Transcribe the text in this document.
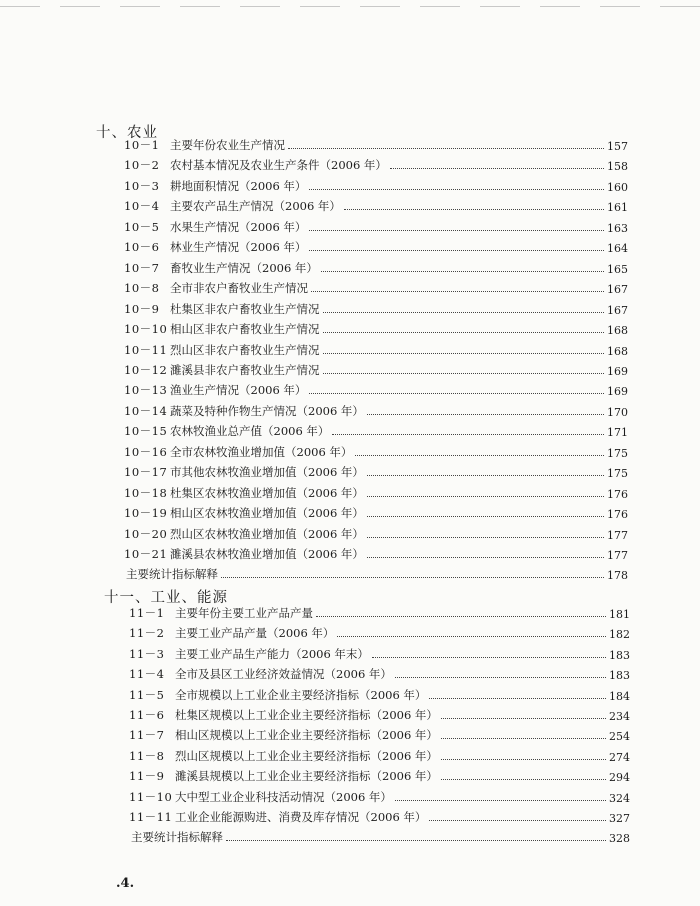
十、农业
10－1 主要年份农业生产情况	157
10－2 农村基本情况及农业生产条件（2006 年）	158
10－3 耕地面积情况（2006 年）	160
10－4 主要农产品生产情况（2006 年）	161
10－5 水果生产情况（2006 年）	163
10－6 林业生产情况（2006 年）	164
10－7 畜牧业生产情况（2006 年）	165
10－8 全市非农户畜牧业生产情况	167
10－9 杜集区非农户畜牧业生产情况	167
10－10 相山区非农户畜牧业生产情况	168
10－11 烈山区非农户畜牧业生产情况	168
10－12 濉溪县非农户畜牧业生产情况	169
10－13 渔业生产情况（2006 年）	169
10－14 蔬菜及特种作物生产情况（2006 年）	170
10－15 农林牧渔业总产值（2006 年）	171
10－16 全市农林牧渔业增加值（2006 年）	175
10－17 市其他农林牧渔业增加值（2006 年）	175
10－18 杜集区农林牧渔业增加值（2006 年）	176
10－19 相山区农林牧渔业增加值（2006 年）	176
10－20 烈山区农林牧渔业增加值（2006 年）	177
10－21 濉溪县农林牧渔业增加值（2006 年）	177
主要统计指标解释	178
十一、工业、能源
11－1 主要年份主要工业产品产量	181
11－2 主要工业产品产量（2006 年）	182
11－3 主要工业产品生产能力（2006 年末）	183
11－4 全市及县区工业经济效益情况（2006 年）	183
11－5 全市规模以上工业企业主要经济指标（2006 年）	184
11－6 杜集区规模以上工业企业主要经济指标（2006 年）	234
11－7 相山区规模以上工业企业主要经济指标（2006 年）	254
11－8 烈山区规模以上工业企业主要经济指标（2006 年）	274
11－9 濉溪县规模以上工业企业主要经济指标（2006 年）	294
11－10 大中型工业企业科技活动情况（2006 年）	324
11－11 工业企业能源购进、消费及库存情况（2006 年）	327
主要统计指标解释	328
.4.
